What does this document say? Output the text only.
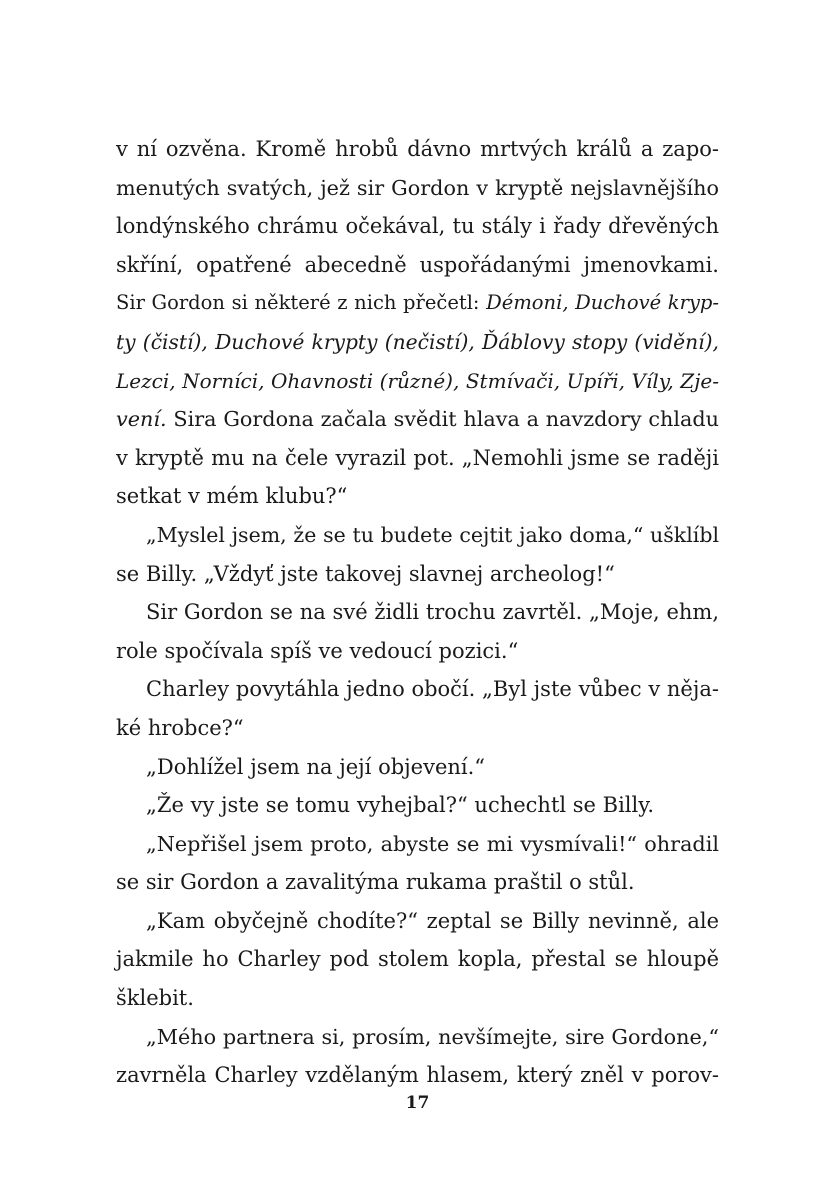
v ní ozvěna. Kromě hrobů dávno mrtvých králů a zapo-
menutých svatých, jež sir Gordon v kryptě nejslavnějšího
londýnského chrámu očekával, tu stály i řady dřevěných
skříní, opatřené abecedně uspořádanými jmenovkami.
Sir Gordon si některé z nich přečetl: Démoni, Duchové kryp-
ty (čistí), Duchové krypty (nečistí), Ďáblovy stopy (vidění),
Lezci, Norníci, Ohavnosti (různé), Stmívači, Upíři, Víly, Zje-
vení. Sira Gordona začala svědit hlava a navzdory chladu
v kryptě mu na čele vyrazil pot. „Nemohli jsme se raději
setkat v mém klubu?“
„Myslel jsem, že se tu budete cejtit jako doma,“ ušklíbl
se Billy. „Vždyť jste takovej slavnej archeolog!“
Sir Gordon se na své židli trochu zavrtěl. „Moje, ehm,
role spočívala spíš ve vedoucí pozici.“
Charley povytáhla jedno obočí. „Byl jste vůbec v něja-
ké hrobce?“
„Dohlížel jsem na její objevení.“
„Že vy jste se tomu vyhejbal?“ uchechtl se Billy.
„Nepřišel jsem proto, abyste se mi vysmívali!“ ohradil
se sir Gordon a zavalitýma rukama praštil o stůl.
„Kam obyčejně chodíte?“ zeptal se Billy nevinně, ale
jakmile ho Charley pod stolem kopla, přestal se hloupě
šklebit.
„Mého partnera si, prosím, nevšímejte, sire Gordone,“
zavrněla Charley vzdělaným hlasem, který zněl v porov-
17
